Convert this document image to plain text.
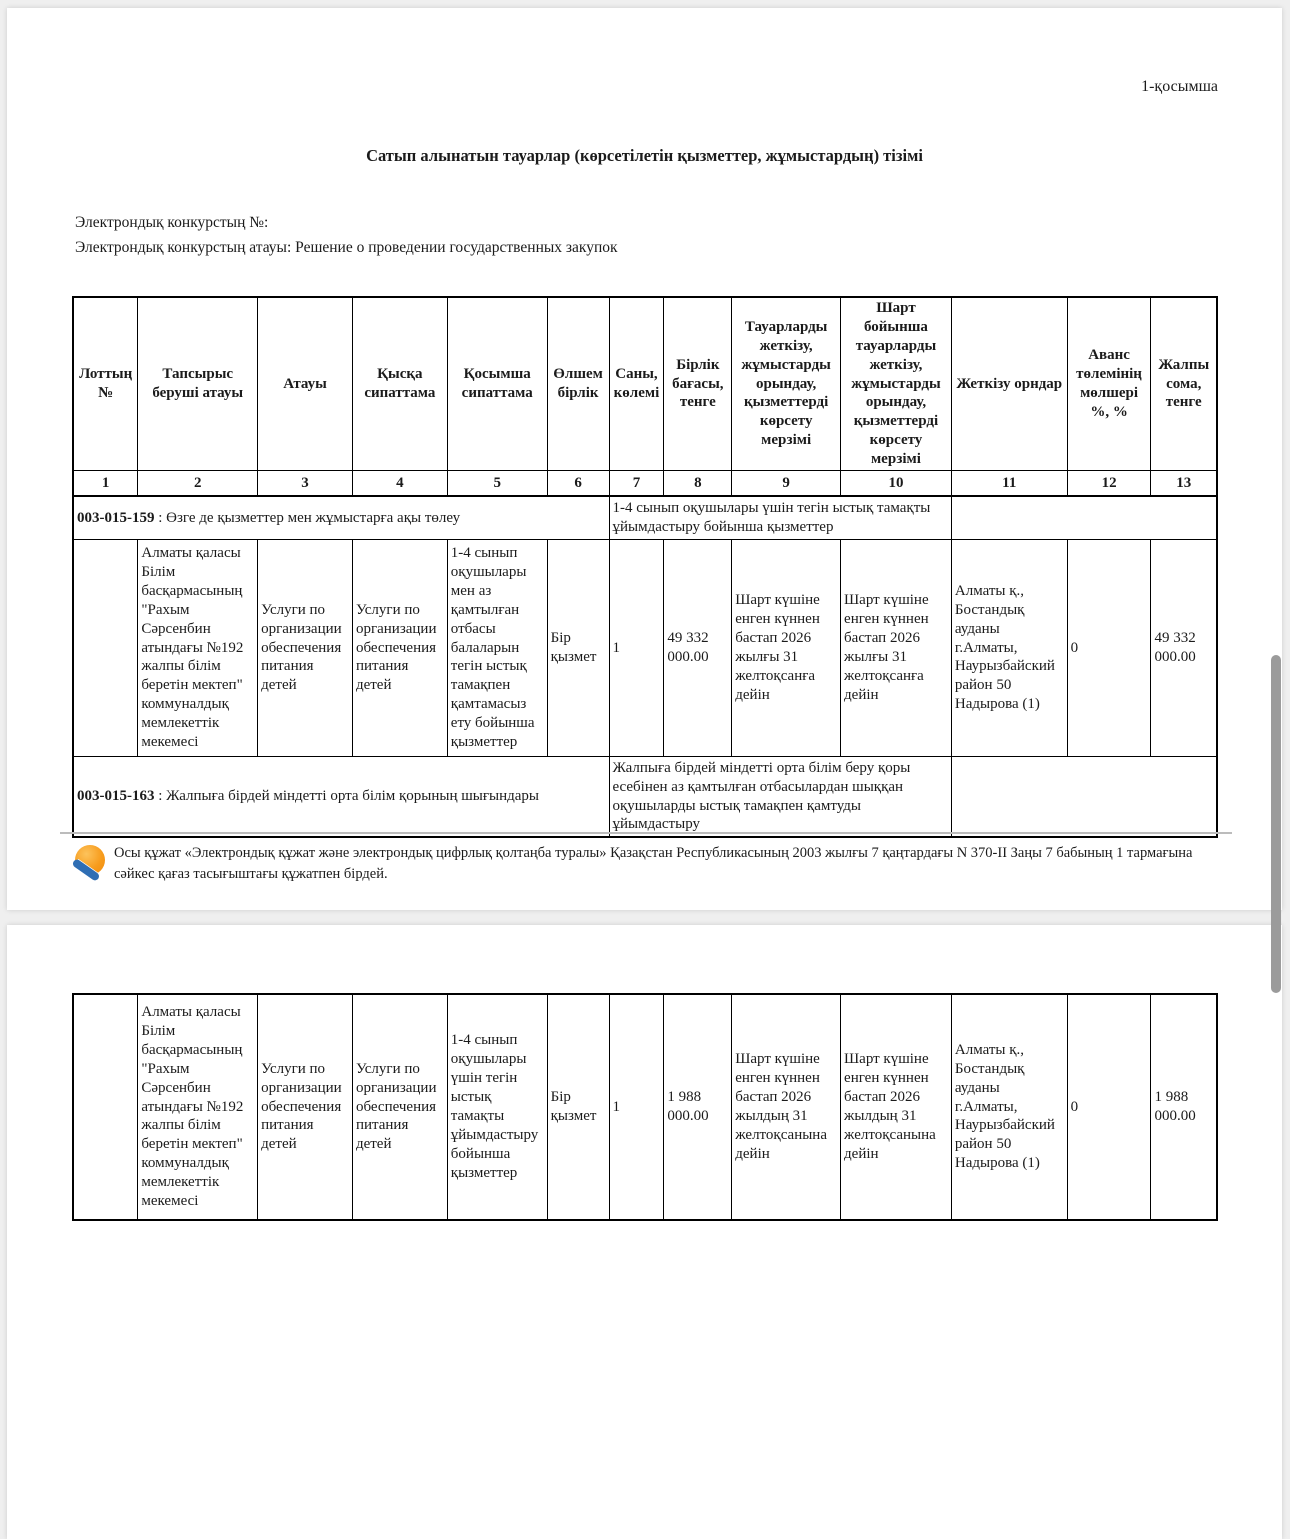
1-қосымша
Сатып алынатын тауарлар (көрсетілетін қызметтер, жұмыстардың) тізімі
Электрондық конкурстың №:
Электрондық конкурстың атауы: Решение о проведении государственных закупок
Лоттың №	Тапсырыс беруші атауы	Атауы	Қысқа сипаттама	Қосымша сипаттама	Өлшем бірлік	Саны, көлемі	Бірлік бағасы, тенге	Тауарларды жеткізу, жұмыстарды орындау, қызметтерді көрсету мерзімі	Шарт бойынша тауарларды жеткізу, жұмыстарды орындау, қызметтерді көрсету мерзімі	Жеткізу орндар	Аванс төлемінің мөлшері %, %	Жалпы сома, тенге
1	2	3	4	5	6	7	8	9	10	11	12	13
003-015-159 : Өзге де қызметтер мен жұмыстарға ақы төлеу						1-4 сынып оқушылары үшін тегін ыстық тамақты ұйымдастыру бойынша қызметтер						
	Алматы қаласы Білім басқармасының "Рахым Сәрсенбин атындағы №192 жалпы білім беретін мектеп" коммуналдық мемлекеттік мекемесі	Услуги по организации обеспечения питания детей	Услуги по организации обеспечения питания детей	1-4 сынып оқушылары мен аз қамтылған отбасы балаларын тегін ыстық тамақпен қамтамасыз ету бойынша қызметтер	Бір қызмет	1	49 332 000.00	Шарт күшіне енген күннен бастап 2026 жылғы 31 желтоқсанға дейін	Шарт күшіне енген күннен бастап 2026 жылғы 31 желтоқсанға дейін	Алматы қ., Бостандық ауданы г.Алматы, Наурызбайский район 50 Надырова (1)	0	49 332 000.00
003-015-163 : Жалпыға бірдей міндетті орта білім қорының шығындары						Жалпыға бірдей міндетті орта білім беру қоры есебінен аз қамтылған отбасылардан шыққан оқушыларды ыстық тамақпен қамтуды ұйымдастыру						
Осы құжат «Электрондық құжат және электрондық цифрлық қолтаңба туралы» Қазақстан Республикасының 2003 жылғы 7 қаңтардағы N 370-II Заңы 7 бабының 1 тармағына сәйкес қағаз тасығыштағы құжатпен бірдей.
	Алматы қаласы Білім басқармасының "Рахым Сәрсенбин атындағы №192 жалпы білім беретін мектеп" коммуналдық мемлекеттік мекемесі	Услуги по организации обеспечения питания детей	Услуги по организации обеспечения питания детей	1-4 сынып оқушылары үшін тегін ыстық тамақты ұйымдастыру бойынша қызметтер	Бір қызмет	1	1 988 000.00	Шарт күшіне енген күннен бастап 2026 жылдың 31 желтоқсанына дейін	Шарт күшіне енген күннен бастап 2026 жылдың 31 желтоқсанына дейін	Алматы қ., Бостандық ауданы г.Алматы, Наурызбайский район 50 Надырова (1)	0	1 988 000.00
